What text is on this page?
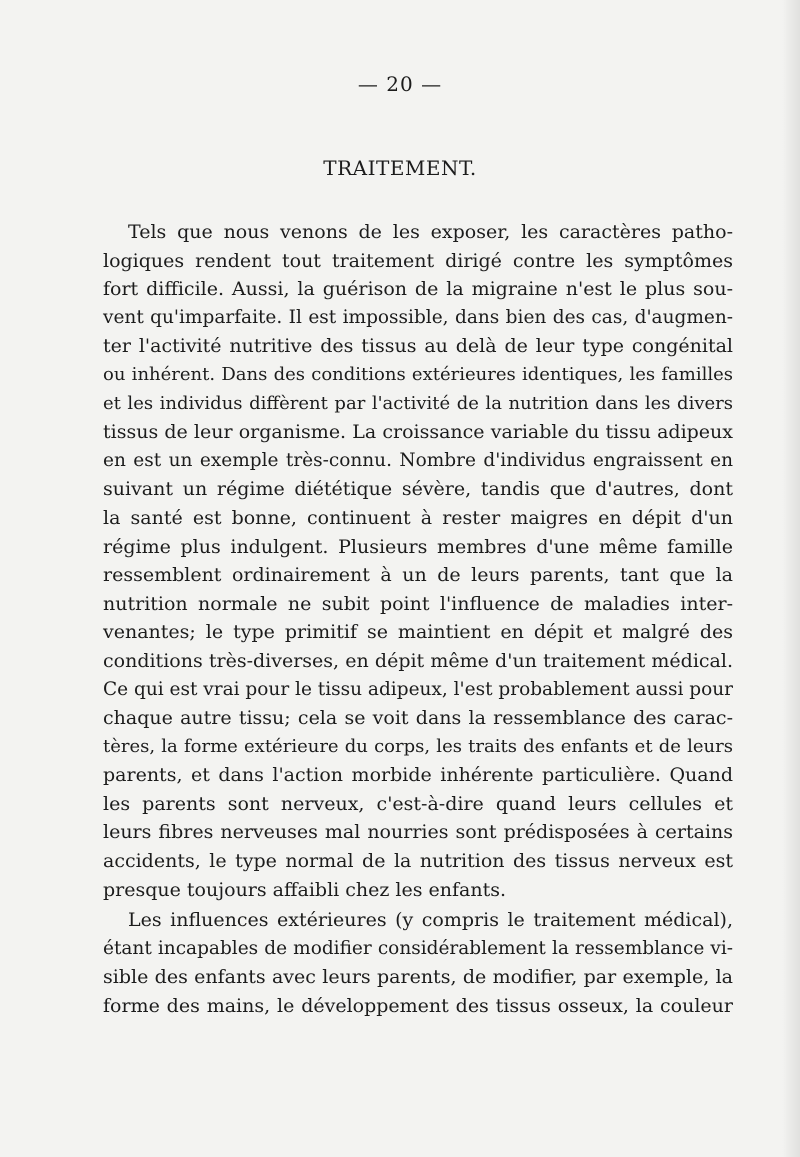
— 20 —
TRAITEMENT.
Tels que nous venons de les exposer, les caractères patho-
logiques rendent tout traitement dirigé contre les symptômes
fort difficile. Aussi, la guérison de la migraine n'est le plus sou-
vent qu'imparfaite. Il est impossible, dans bien des cas, d'augmen-
ter l'activité nutritive des tissus au delà de leur type congénital
ou inhérent. Dans des conditions extérieures identiques, les familles
et les individus diffèrent par l'activité de la nutrition dans les divers
tissus de leur organisme. La croissance variable du tissu adipeux
en est un exemple très-connu. Nombre d'individus engraissent en
suivant un régime diététique sévère, tandis que d'autres, dont
la santé est bonne, continuent à rester maigres en dépit d'un
régime plus indulgent. Plusieurs membres d'une même famille
ressemblent ordinairement à un de leurs parents, tant que la
nutrition normale ne subit point l'influence de maladies inter-
venantes; le type primitif se maintient en dépit et malgré des
conditions très-diverses, en dépit même d'un traitement médical.
Ce qui est vrai pour le tissu adipeux, l'est probablement aussi pour
chaque autre tissu; cela se voit dans la ressemblance des carac-
tères, la forme extérieure du corps, les traits des enfants et de leurs
parents, et dans l'action morbide inhérente particulière. Quand
les parents sont nerveux, c'est-à-dire quand leurs cellules et
leurs fibres nerveuses mal nourries sont prédisposées à certains
accidents, le type normal de la nutrition des tissus nerveux est
presque toujours affaibli chez les enfants.
Les influences extérieures (y compris le traitement médical),
étant incapables de modifier considérablement la ressemblance vi-
sible des enfants avec leurs parents, de modifier, par exemple, la
forme des mains, le développement des tissus osseux, la couleur
